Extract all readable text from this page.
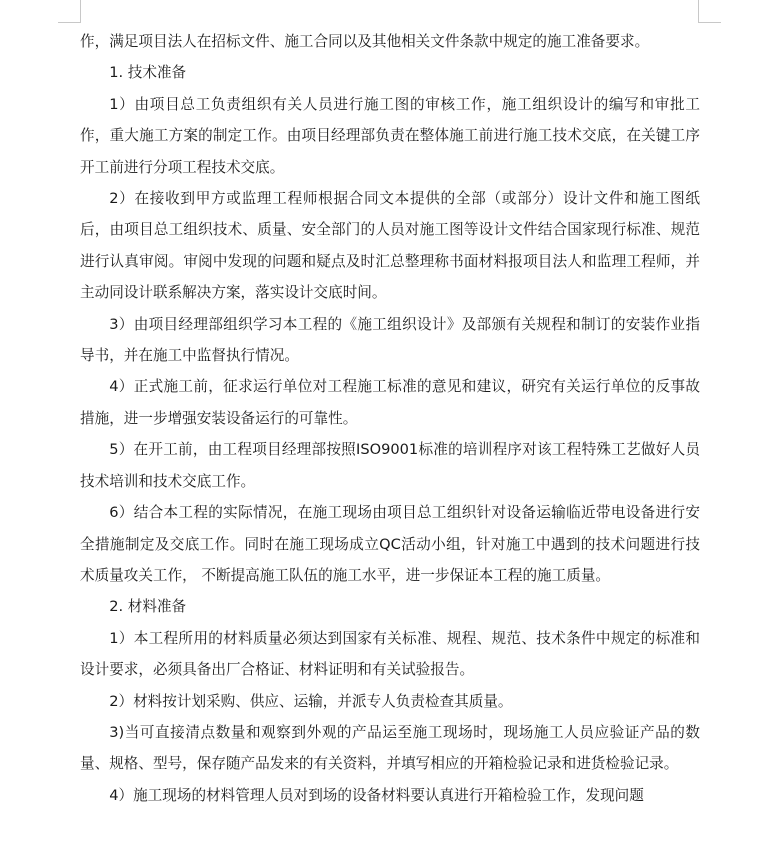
作，满足项目法人在招标文件、施工合同以及其他相关文件条款中规定的施工准备要求。

1. 技术准备

1）由项目总工负责组织有关人员进行施工图的审核工作，施工组织设计的编写和审批工作，重大施工方案的制定工作。由项目经理部负责在整体施工前进行施工技术交底，在关键工序开工前进行分项工程技术交底。

2）在接收到甲方或监理工程师根据合同文本提供的全部（或部分）设计文件和施工图纸后，由项目总工组织技术、质量、安全部门的人员对施工图等设计文件结合国家现行标准、规范进行认真审阅。审阅中发现的问题和疑点及时汇总整理称书面材料报项目法人和监理工程师，并主动同设计联系解决方案，落实设计交底时间。

3）由项目经理部组织学习本工程的《施工组织设计》及部颁有关规程和制订的安装作业指导书，并在施工中监督执行情况。

4）正式施工前，征求运行单位对工程施工标准的意见和建议，研究有关运行单位的反事故措施，进一步增强安装设备运行的可靠性。

5）在开工前，由工程项目经理部按照ISO9001标准的培训程序对该工程特殊工艺做好人员技术培训和技术交底工作。

6）结合本工程的实际情况，在施工现场由项目总工组织针对设备运输临近带电设备进行安全措施制定及交底工作。同时在施工现场成立QC活动小组，针对施工中遇到的技术问题进行技术质量攻关工作， 不断提高施工队伍的施工水平，进一步保证本工程的施工质量。

2. 材料准备

1）本工程所用的材料质量必须达到国家有关标准、规程、规范、技术条件中规定的标准和设计要求，必须具备出厂合格证、材料证明和有关试验报告。

2）材料按计划采购、供应、运输，并派专人负责检查其质量。

3)当可直接清点数量和观察到外观的产品运至施工现场时，现场施工人员应验证产品的数量、规格、型号，保存随产品发来的有关资料，并填写相应的开箱检验记录和进货检验记录。

4）施工现场的材料管理人员对到场的设备材料要认真进行开箱检验工作，发现问题
